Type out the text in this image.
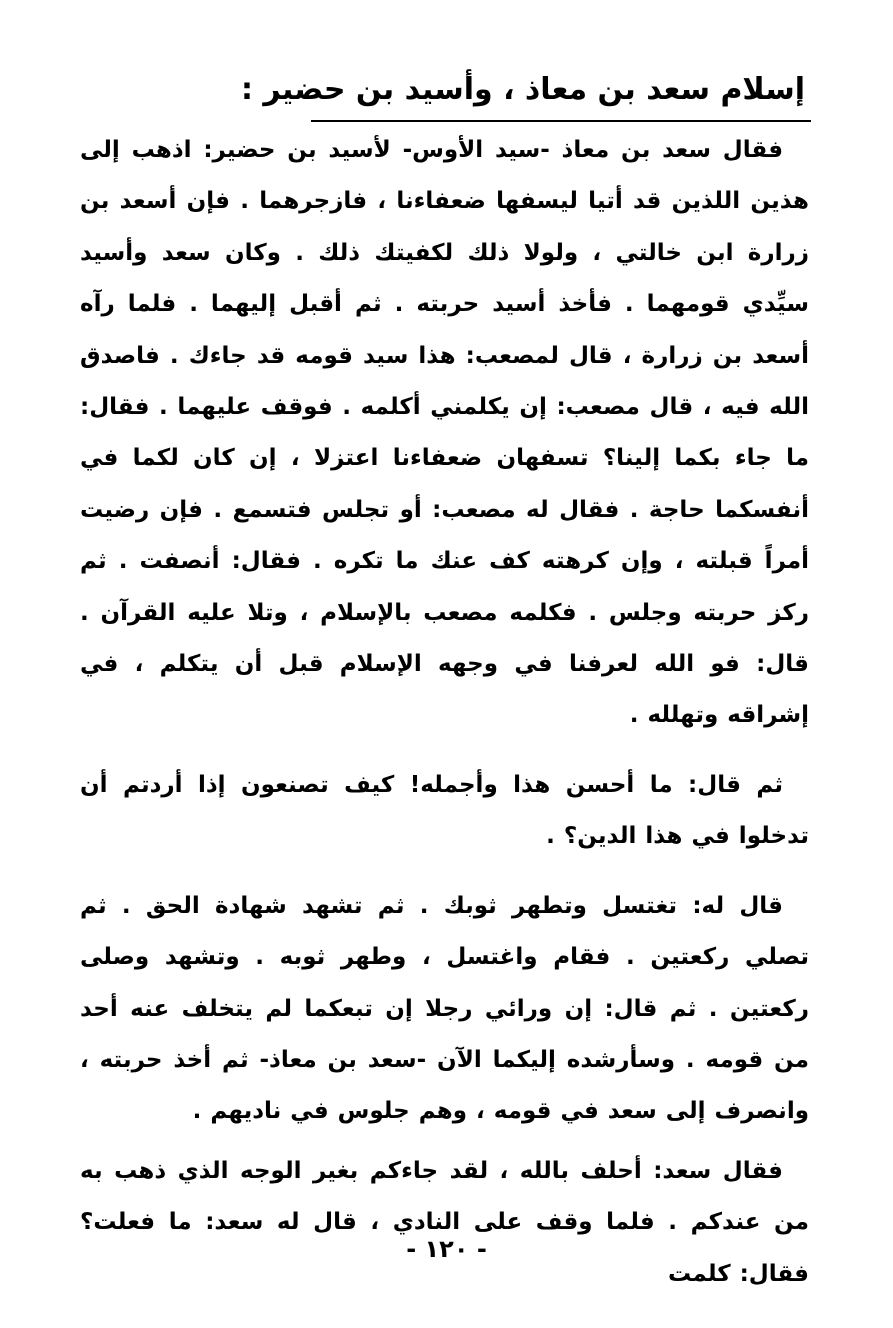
إسلام سعد بن معاذ ، وأسيد بن حضير :

فقال سعد بن معاذ -سيد الأوس- لأسيد بن حضير: اذهب إلى هذين اللذين قد أتيا ليسفها ضعفاءنا ، فازجرهما . فإن أسعد بن زرارة ابن خالتي ، ولولا ذلك لكفيتك ذلك . وكان سعد وأسيد سيِّدي قومهما . فأخذ أسيد حربته . ثم أقبل إليهما . فلما رآه أسعد بن زرارة ، قال لمصعب: هذا سيد قومه قد جاءك . فاصدق الله فيه ، قال مصعب: إن يكلمني أكلمه . فوقف عليهما . فقال: ما جاء بكما إلينا؟ تسفهان ضعفاءنا اعتزلا ، إن كان لكما في أنفسكما حاجة . فقال له مصعب: أو تجلس فتسمع . فإن رضيت أمراً قبلته ، وإن كرهته كف عنك ما تكره . فقال: أنصفت . ثم ركز حربته وجلس . فكلمه مصعب بالإسلام ، وتلا عليه القرآن . قال: فو الله لعرفنا في وجهه الإسلام قبل أن يتكلم ، في إشراقه وتهلله .

ثم قال: ما أحسن هذا وأجمله! كيف تصنعون إذا أردتم أن تدخلوا في هذا الدين؟ .

قال له: تغتسل وتطهر ثوبك . ثم تشهد شهادة الحق . ثم تصلي ركعتين . فقام واغتسل ، وطهر ثوبه . وتشهد وصلى ركعتين . ثم قال: إن ورائي رجلا إن تبعكما لم يتخلف عنه أحد من قومه . وسأرشده إليكما الآن -سعد بن معاذ- ثم أخذ حربته ، وانصرف إلى سعد في قومه ، وهم جلوس في ناديهم .

فقال سعد: أحلف بالله ، لقد جاءكم بغير الوجه الذي ذهب به من عندكم . فلما وقف على النادي ، قال له سعد: ما فعلت؟ فقال: كلمت

- ١٢٠ -
